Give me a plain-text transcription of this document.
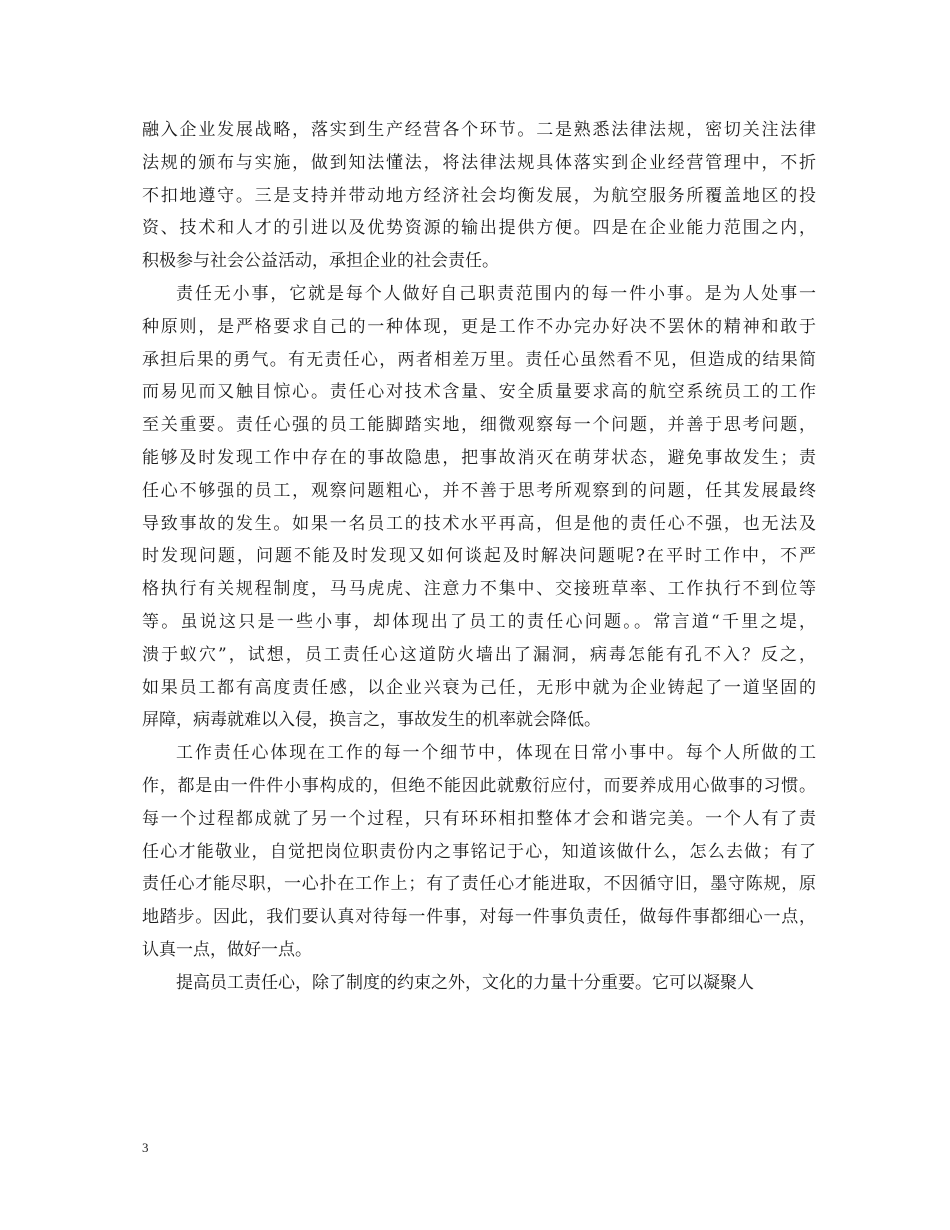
融入企业发展战略，落实到生产经营各个环节。二是熟悉法律法规，密切关注法律
法规的颁布与实施，做到知法懂法，将法律法规具体落实到企业经营管理中，不折
不扣地遵守。三是支持并带动地方经济社会均衡发展，为航空服务所覆盖地区的投
资、技术和人才的引进以及优势资源的输出提供方便。四是在企业能力范围之内，
积极参与社会公益活动，承担企业的社会责任。
责任无小事，它就是每个人做好自己职责范围内的每一件小事。是为人处事一
种原则，是严格要求自己的一种体现，更是工作不办完办好决不罢休的精神和敢于
承担后果的勇气。有无责任心，两者相差万里。责任心虽然看不见，但造成的结果简
而易见而又触目惊心。责任心对技术含量、安全质量要求高的航空系统员工的工作
至关重要。责任心强的员工能脚踏实地，细微观察每一个问题，并善于思考问题，
能够及时发现工作中存在的事故隐患，把事故消灭在萌芽状态，避免事故发生；责
任心不够强的员工，观察问题粗心，并不善于思考所观察到的问题，任其发展最终
导致事故的发生。如果一名员工的技术水平再高，但是他的责任心不强，也无法及
时发现问题，问题不能及时发现又如何谈起及时解决问题呢?在平时工作中，不严
格执行有关规程制度，马马虎虎、注意力不集中、交接班草率、工作执行不到位等
等。虽说这只是一些小事，却体现出了员工的责任心问题。。常言道“千里之堤，
溃于蚁穴”，试想，员工责任心这道防火墙出了漏洞，病毒怎能有孔不入？反之，
如果员工都有高度责任感，以企业兴衰为己任，无形中就为企业铸起了一道坚固的
屏障，病毒就难以入侵，换言之，事故发生的机率就会降低。
工作责任心体现在工作的每一个细节中，体现在日常小事中。每个人所做的工
作，都是由一件件小事构成的，但绝不能因此就敷衍应付，而要养成用心做事的习惯。
每一个过程都成就了另一个过程，只有环环相扣整体才会和谐完美。一个人有了责
任心才能敬业，自觉把岗位职责份内之事铭记于心，知道该做什么，怎么去做；有了
责任心才能尽职，一心扑在工作上；有了责任心才能进取，不因循守旧，墨守陈规，原
地踏步。因此，我们要认真对待每一件事，对每一件事负责任，做每件事都细心一点，
认真一点，做好一点。
提高员工责任心，除了制度的约束之外，文化的力量十分重要。它可以凝聚人
3
